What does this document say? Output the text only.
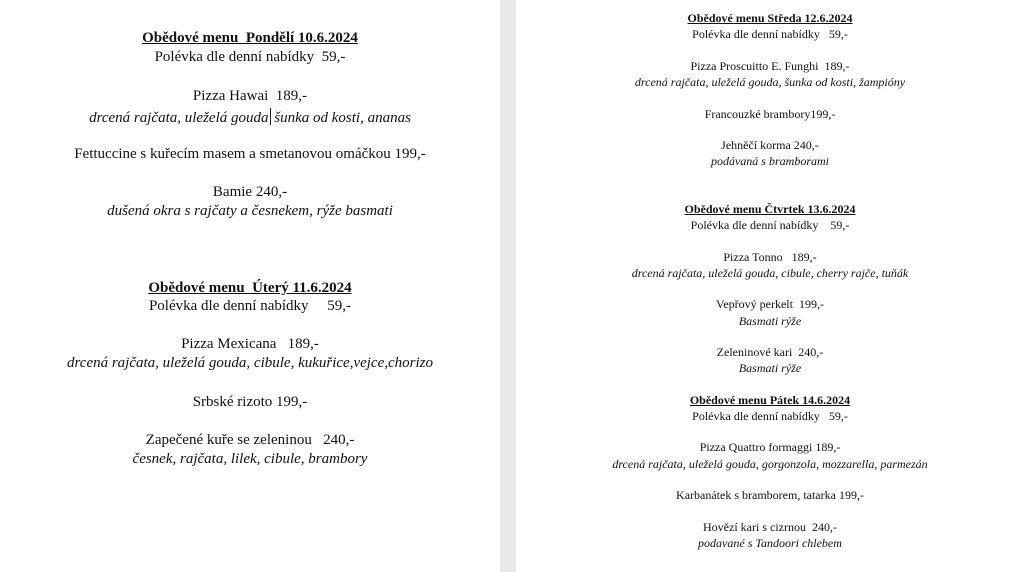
Obědové menu  Pondělí 10.6.2024
Polévka dle denní nabídky  59,-
Pizza Hawai  189,-
drcená rajčata, uleželá gouda šunka od kosti, ananas
Fettuccine s kuřecím masem a smetanovou omáčkou 199,-
Bamie 240,-
dušená okra s rajčaty a česnekem, rýže basmati
Obědové menu  Úterý 11.6.2024
Polévka dle denní nabídky     59,-
Pizza Mexicana   189,-
drcená rajčata, uleželá gouda, cibule, kukuřice,vejce,chorizo
Srbské rizoto 199,-
Zapečené kuře se zeleninou   240,-
česnek, rajčata, lilek, cibule, brambory
Obědové menu Středa 12.6.2024
Polévka dle denní nabídky   59,-
Pizza Proscuitto E. Funghi  189,-
drcená rajčata, uleželá gouda, šunka od kosti, žampióny
Francouzké brambory199,-
Jehněčí korma 240,-
podávaná s bramborami
Obědové menu Čtvrtek 13.6.2024
Polévka dle denní nabídky    59,-
Pizza Tonno   189,-
drcená rajčata, uleželá gouda, cibule, cherry rajče, tuňák
Vepřový perkelt  199,-
Basmati rýže
Zeleninové kari  240,-
Basmati rýže
Obědové menu Pátek 14.6.2024
Polévka dle denní nabídky   59,-
Pizza Quattro formaggi 189,-
drcená rajčata, uleželá gouda, gorgonzola, mozzarella, parmezán
Karbanátek s bramborem, tatarka 199,-
Hovězí kari s cizrnou  240,-
podavané s Tandoori chlebem
